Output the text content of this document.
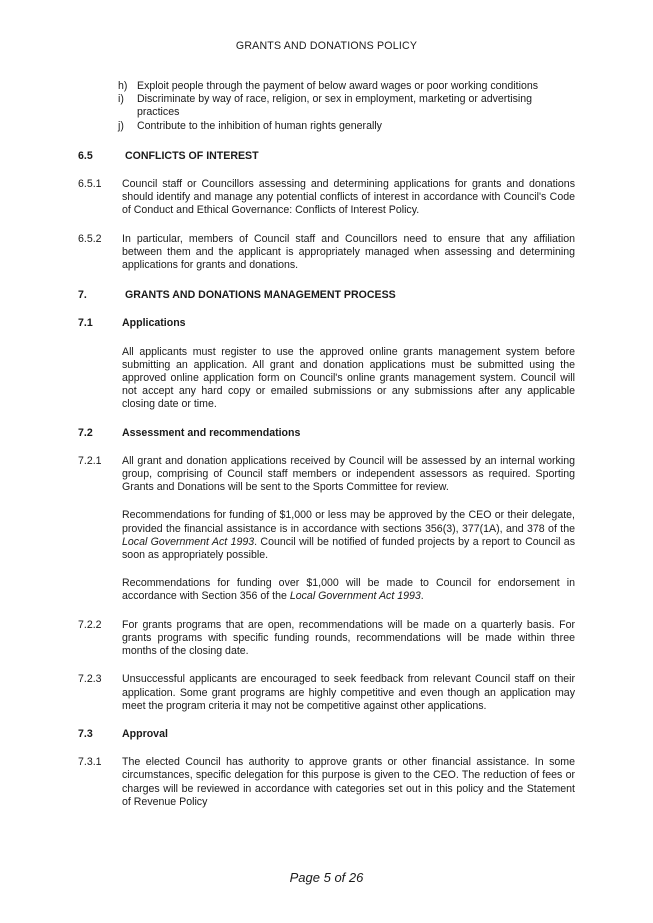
GRANTS AND DONATIONS POLICY
h) Exploit people through the payment of below award wages or poor working conditions
i) Discriminate by way of race, religion, or sex in employment, marketing or advertising practices
j) Contribute to the inhibition of human rights generally
6.5	CONFLICTS OF INTEREST
6.5.1	Council staff or Councillors assessing and determining applications for grants and donations should identify and manage any potential conflicts of interest in accordance with Council's Code of Conduct and Ethical Governance: Conflicts of Interest Policy.

6.5.2	In particular, members of Council staff and Councillors need to ensure that any affiliation between them and the applicant is appropriately managed when assessing and determining applications for grants and donations.

7.	GRANTS AND DONATIONS MANAGEMENT PROCESS
7.1	Applications

All applicants must register to use the approved online grants management system before submitting an application. All grant and donation applications must be submitted using the approved online application form on Council's online grants management system. Council will not accept any hard copy or emailed submissions or any submissions after any applicable closing date or time.

7.2	Assessment and recommendations
7.2.1	All grant and donation applications received by Council will be assessed by an internal working group, comprising of Council staff members or independent assessors as required. Sporting Grants and Donations will be sent to the Sports Committee for review.

Recommendations for funding of $1,000 or less may be approved by the CEO or their delegate, provided the financial assistance is in accordance with sections 356(3), 377(1A), and 378 of the Local Government Act 1993. Council will be notified of funded projects by a report to Council as soon as appropriately possible.

Recommendations for funding over $1,000 will be made to Council for endorsement in accordance with Section 356 of the Local Government Act 1993.

7.2.2	For grants programs that are open, recommendations will be made on a quarterly basis. For grants programs with specific funding rounds, recommendations will be made within three months of the closing date.

7.2.3	Unsuccessful applicants are encouraged to seek feedback from relevant Council staff on their application. Some grant programs are highly competitive and even though an application may meet the program criteria it may not be competitive against other applications.

7.3	Approval
7.3.1	The elected Council has authority to approve grants or other financial assistance. In some circumstances, specific delegation for this purpose is given to the CEO. The reduction of fees or charges will be reviewed in accordance with categories set out in this policy and the Statement of Revenue Policy

Page 5 of 26
